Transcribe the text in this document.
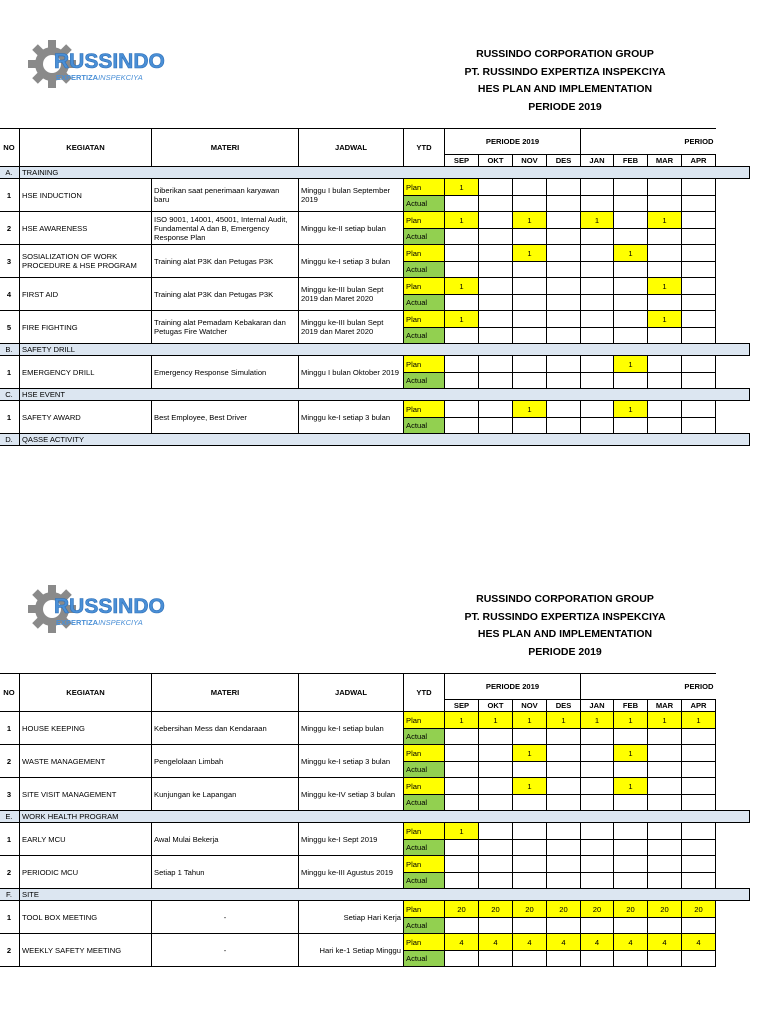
RUSSINDO
EXPERTIZAINSPEKCIYA
RUSSINDO CORPORATION GROUP
PT. RUSSINDO EXPERTIZA INSPEKCIYA
HES PLAN AND IMPLEMENTATION
PERIODE 2019
NO	KEGIATAN	MATERI	JADWAL	YTD	PERIODE 2019				PERIOD			
					SEP	OKT	NOV	DES	JAN	FEB	MAR	APR
A.	TRAINING											
1	HSE INDUCTION	Diberikan saat penerimaan karyawan baru	Minggu I bulan September 2019	Plan	1							
				Actual								
2	HSE AWARENESS	ISO 9001, 14001, 45001, Internal Audit, Fundamental A dan B, Emergency Response Plan	Minggu ke-II setiap bulan	Plan	1		1		1		1	
				Actual								
3	SOSIALIZATION OF WORK PROCEDURE & HSE PROGRAM	Training alat P3K dan Petugas P3K	Minggu ke-I setiap 3 bulan	Plan			1			1		
				Actual								
4	FIRST AID	Training alat P3K dan Petugas P3K	Minggu ke-III bulan Sept 2019 dan Maret 2020	Plan	1						1	
				Actual								
5	FIRE FIGHTING	Training alat Pemadam Kebakaran dan Petugas Fire Watcher	Minggu ke-III bulan Sept 2019 dan Maret 2020	Plan	1						1	
				Actual								
B.	SAFETY DRILL											
1	EMERGENCY DRILL	Emergency Response Simulation	Minggu I bulan Oktober 2019	Plan						1		
				Actual								
C.	HSE EVENT											
1	SAFETY AWARD	Best Employee, Best Driver	Minggu ke-I setiap 3 bulan	Plan			1			1		
				Actual								
D.	QASSE ACTIVITY											
RUSSINDO
EXPERTIZAINSPEKCIYA
RUSSINDO CORPORATION GROUP
PT. RUSSINDO EXPERTIZA INSPEKCIYA
HES PLAN AND IMPLEMENTATION
PERIODE 2019
NO	KEGIATAN	MATERI	JADWAL	YTD	PERIODE 2019				PERIOD			
					SEP	OKT	NOV	DES	JAN	FEB	MAR	APR
1	HOUSE KEEPING	Kebersihan Mess dan Kendaraan	Minggu ke-I setiap bulan	Plan	1	1	1	1	1	1	1	1
				Actual								
2	WASTE MANAGEMENT	Pengelolaan Limbah	Minggu ke-I setiap 3 bulan	Plan			1			1		
				Actual								
3	SITE VISIT MANAGEMENT	Kunjungan ke Lapangan	Minggu ke-IV setiap 3 bulan	Plan			1			1		
				Actual								
E.	WORK HEALTH PROGRAM											
1	EARLY MCU	Awal Mulai Bekerja	Minggu ke-I Sept 2019	Plan	1							
				Actual								
2	PERIODIC MCU	Setiap 1 Tahun	Minggu ke-III Agustus 2019	Plan								
				Actual								
F.	SITE											
1	TOOL BOX MEETING	-	Setiap Hari Kerja	Plan	20	20	20	20	20	20	20	20
				Actual								
2	WEEKLY SAFETY MEETING	-	Hari ke-1 Setiap Minggu	Plan	4	4	4	4	4	4	4	4
				Actual								
